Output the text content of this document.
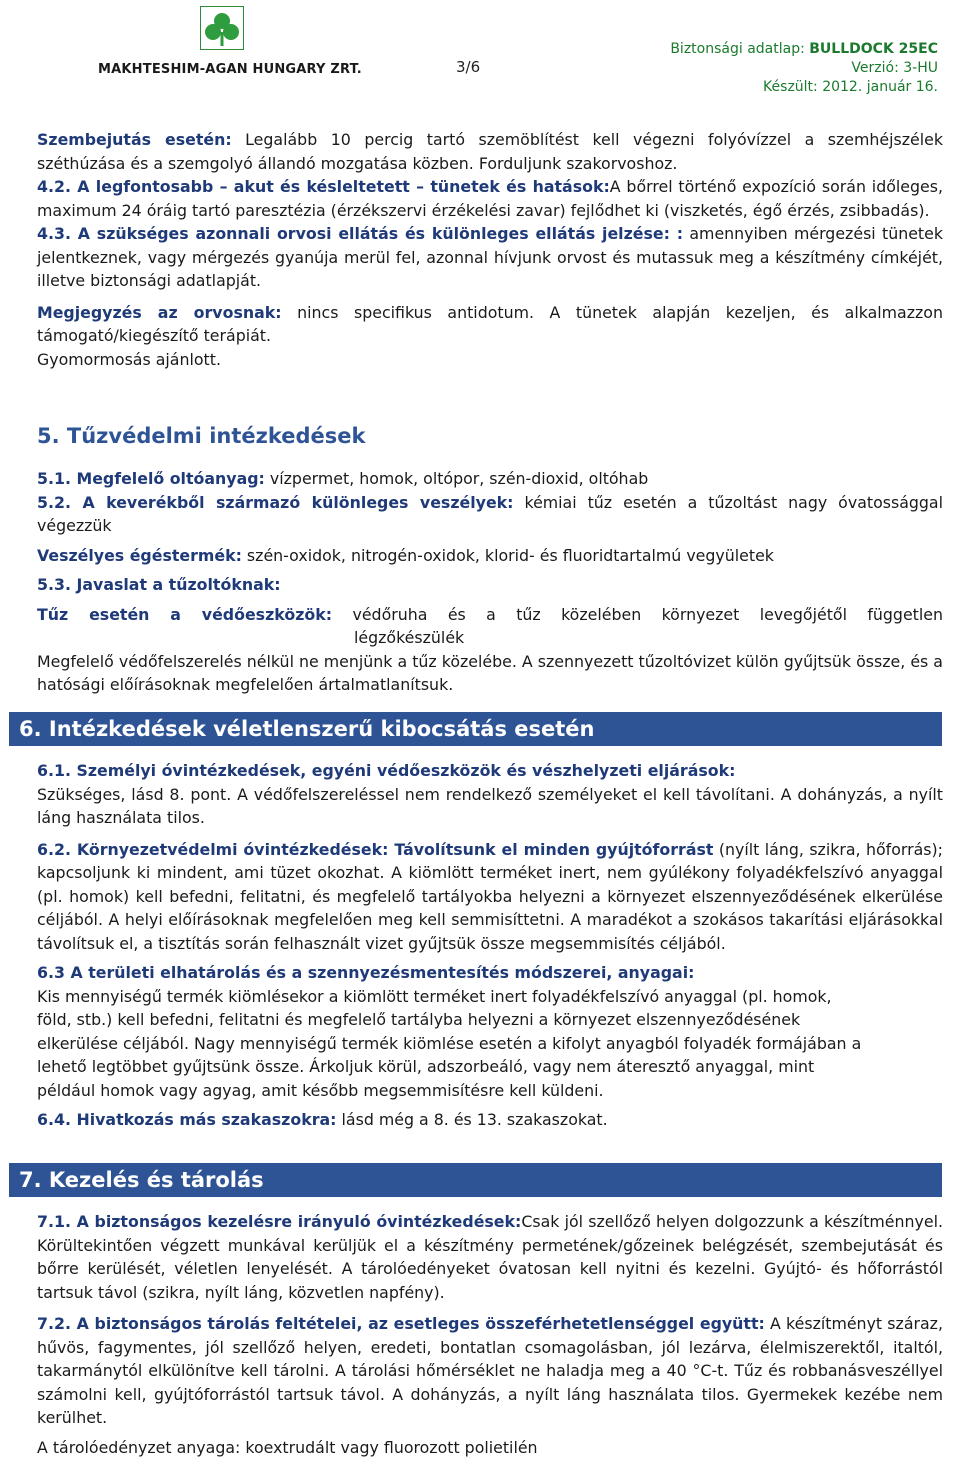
MAKHTESHIM-AGAN HUNGARY ZRT.	3/6
Biztonsági adatlap: BULLDOCK 25EC
Verzió: 3-HU
Készült: 2012. január 16.

Szembejutás esetén: Legalább 10 percig tartó szemöblítést kell végezni folyóvízzel a szemhéjszélek széthúzása és a szemgolyó állandó mozgatása közben. Forduljunk szakorvoshoz.

4.2. A legfontosabb – akut és késleltetett – tünetek és hatások:A bőrrel történő expozíció során időleges, maximum 24 óráig tartó paresztézia (érzékszervi érzékelési zavar) fejlődhet ki (viszketés, égő érzés, zsibbadás).

4.3. A szükséges azonnali orvosi ellátás és különleges ellátás jelzése: : amennyiben mérgezési tünetek jelentkeznek, vagy mérgezés gyanúja merül fel, azonnal hívjunk orvost és mutassuk meg a készítmény címkéjét, illetve biztonsági adatlapját.

Megjegyzés az orvosnak: nincs specifikus antidotum. A tünetek alapján kezeljen, és alkalmazzon támogató/kiegészítő terápiát.

Gyomormosás ajánlott.

5. Tűzvédelmi intézkedések

5.1. Megfelelő oltóanyag: vízpermet, homok, oltópor, szén-dioxid, oltóhab

5.2. A keverékből származó különleges veszélyek: kémiai tűz esetén a tűzoltást nagy óvatossággal végezzük

Veszélyes égéstermék: szén-oxidok, nitrogén-oxidok, klorid- és fluoridtartalmú vegyületek

5.3. Javaslat a tűzoltóknak:

Tűz esetén a védőeszközök: védőruha és a tűz közelében környezet levegőjétől független

légzőkészülék

Megfelelő védőfelszerelés nélkül ne menjünk a tűz közelébe. A szennyezett tűzoltóvizet külön gyűjtsük össze, és a hatósági előírásoknak megfelelően ártalmatlanítsuk.

6. Intézkedések véletlenszerű kibocsátás esetén

6.1. Személyi óvintézkedések, egyéni védőeszközök és vészhelyzeti eljárások:

Szükséges, lásd 8. pont. A védőfelszereléssel nem rendelkező személyeket el kell távolítani. A dohányzás, a nyílt láng használata tilos.

6.2. Környezetvédelmi óvintézkedések: Távolítsunk el minden gyújtóforrást (nyílt láng, szikra, hőforrás); kapcsoljunk ki mindent, ami tüzet okozhat. A kiömlött terméket inert, nem gyúlékony folyadékfelszívó anyaggal (pl. homok) kell befedni, felitatni, és megfelelő tartályokba helyezni a környezet elszennyeződésének elkerülése céljából. A helyi előírásoknak megfelelően meg kell semmisíttetni. A maradékot a szokásos takarítási eljárásokkal távolítsuk el, a tisztítás során felhasznált vizet gyűjtsük össze megsemmisítés céljából.

6.3 A területi elhatárolás és a szennyezésmentesítés módszerei, anyagai:

Kis mennyiségű termék kiömlésekor a kiömlött terméket inert folyadékfelszívó anyaggal (pl. homok,
föld, stb.) kell befedni, felitatni és megfelelő tartályba helyezni a környezet elszennyeződésének
elkerülése céljából. Nagy mennyiségű termék kiömlése esetén a kifolyt anyagból folyadék formájában a
lehető legtöbbet gyűjtsünk össze. Árkoljuk körül, adszorbeáló, vagy nem áteresztő anyaggal, mint
például homok vagy agyag, amit később megsemmisítésre kell küldeni.

6.4. Hivatkozás más szakaszokra: lásd még a 8. és 13. szakaszokat.

7. Kezelés és tárolás

7.1. A biztonságos kezelésre irányuló óvintézkedések:Csak jól szellőző helyen dolgozzunk a készítménnyel. Körültekintően végzett munkával kerüljük el a készítmény permetének/gőzeinek belégzését, szembejutását és bőrre kerülését, véletlen lenyelését. A tárolóedényeket óvatosan kell nyitni és kezelni. Gyújtó- és hőforrástól tartsuk távol (szikra, nyílt láng, közvetlen napfény).

7.2. A biztonságos tárolás feltételei, az esetleges összeférhetetlenséggel együtt: A készítményt száraz, hűvös, fagymentes, jól szellőző helyen, eredeti, bontatlan csomagolásban, jól lezárva, élelmiszerektől, italtól, takarmánytól elkülönítve kell tárolni. A tárolási hőmérséklet ne haladja meg a 40 °C-t. Tűz és robbanásveszéllyel számolni kell, gyújtóforrástól tartsuk távol. A dohányzás, a nyílt láng használata tilos. Gyermekek kezébe nem kerülhet.

A tárolóedényzet anyaga: koextrudált vagy fluorozott polietilén
